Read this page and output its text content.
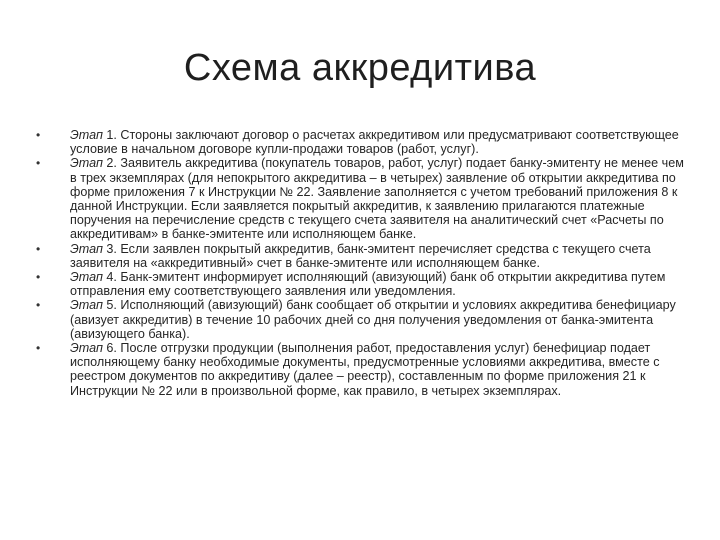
Схема аккредитива
•	Этап 1. Стороны заключают договор о расчетах аккредитивом или предусматривают соответствующее условие в начальном договоре купли-продажи товаров (работ, услуг).
•	Этап 2. Заявитель аккредитива (покупатель товаров, работ, услуг) подает банку-эмитенту не менее чем в трех экземплярах (для непокрытого аккредитива – в четырех) заявление об открытии аккредитива по форме приложения 7 к Инструкции № 22. Заявление заполняется с учетом требований приложения 8 к данной Инструкции. Если заявляется покрытый аккредитив, к заявлению прилагаются платежные поручения на перечисление средств с текущего счета заявителя на аналитический счет «Расчеты по аккредитивам» в банке-эмитенте или исполняющем банке.
•	Этап 3. Если заявлен покрытый аккредитив, банк-эмитент перечисляет средства с текущего счета заявителя на «аккредитивный» счет в банке-эмитенте или исполняющем банке.
•	Этап 4. Банк-эмитент информирует исполняющий (авизующий) банк об открытии аккредитива путем отправления ему соответствующего заявления или уведомления.
•	Этап 5. Исполняющий (авизующий) банк сообщает об открытии и условиях аккредитива бенефициару (авизует аккредитив) в течение 10 рабочих дней со дня получения уведомления от банка-эмитента (авизующего банка).
•	Этап 6. После отгрузки продукции (выполнения работ, предоставления услуг) бенефициар подает исполняющему банку необходимые документы, предусмотренные условиями аккредитива, вместе с реестром документов по аккредитиву (далее – реестр), составленным по форме приложения 21 к Инструкции № 22 или в произвольной форме, как правило, в четырех экземплярах.
